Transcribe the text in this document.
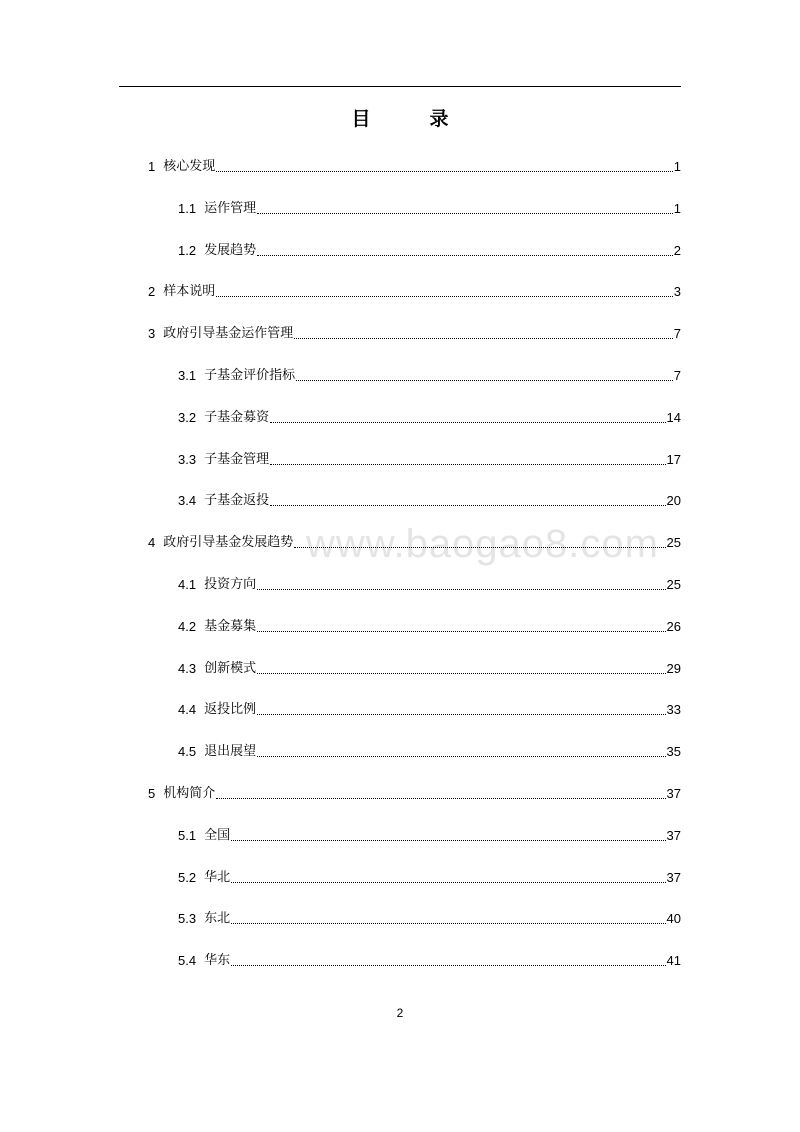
目　录
www.baogao8.com
1 核心发现	1
1.1 运作管理	1
1.2 发展趋势	2
2 样本说明	3
3 政府引导基金运作管理	7
3.1 子基金评价指标	7
3.2 子基金募资	14
3.3 子基金管理	17
3.4 子基金返投	20
4 政府引导基金发展趋势	25
4.1 投资方向	25
4.2 基金募集	26
4.3 创新模式	29
4.4 返投比例	33
4.5 退出展望	35
5 机构简介	37
5.1 全国	37
5.2 华北	37
5.3 东北	40
5.4 华东	41
2
